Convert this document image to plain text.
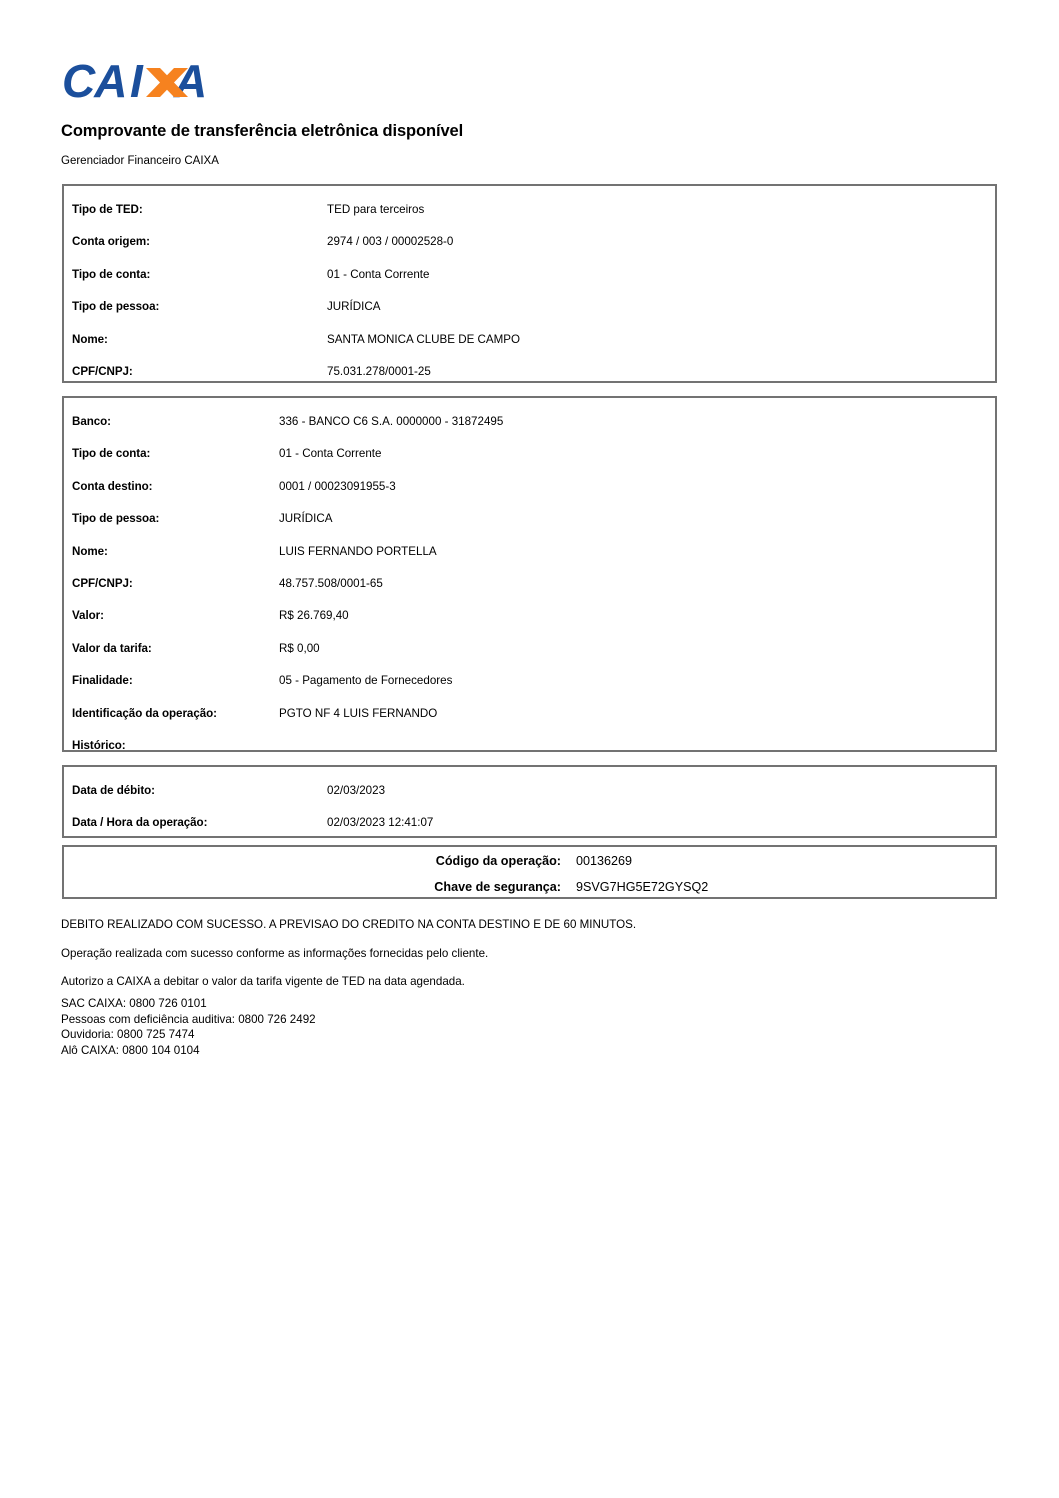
CA I A
Comprovante de transferência eletrônica disponível
Gerenciador Financeiro CAIXA
Tipo de TED:	TED para terceiros
Conta origem:	2974 / 003 / 00002528-0
Tipo de conta:	01 - Conta Corrente
Tipo de pessoa:	JURÍDICA
Nome:	SANTA MONICA CLUBE DE CAMPO
CPF/CNPJ:	75.031.278/0001-25
Banco:	336 - BANCO C6 S.A. 0000000 - 31872495
Tipo de conta:	01 - Conta Corrente
Conta destino:	0001 / 00023091955-3
Tipo de pessoa:	JURÍDICA
Nome:	LUIS FERNANDO PORTELLA
CPF/CNPJ:	48.757.508/0001-65
Valor:	R$ 26.769,40
Valor da tarifa:	R$ 0,00
Finalidade:	05 - Pagamento de Fornecedores
Identificação da operação:	PGTO NF 4 LUIS FERNANDO
Histórico:
Data de débito:	02/03/2023
Data / Hora da operação:	02/03/2023 12:41:07
Código da operação: 00136269
Chave de segurança: 9SVG7HG5E72GYSQ2
DEBITO REALIZADO COM SUCESSO. A PREVISAO DO CREDITO NA CONTA DESTINO E DE 60 MINUTOS.
Operação realizada com sucesso conforme as informações fornecidas pelo cliente.
Autorizo a CAIXA a debitar o valor da tarifa vigente de TED na data agendada.
SAC CAIXA: 0800 726 0101
Pessoas com deficiência auditiva: 0800 726 2492
Ouvidoria: 0800 725 7474
Alô CAIXA: 0800 104 0104
